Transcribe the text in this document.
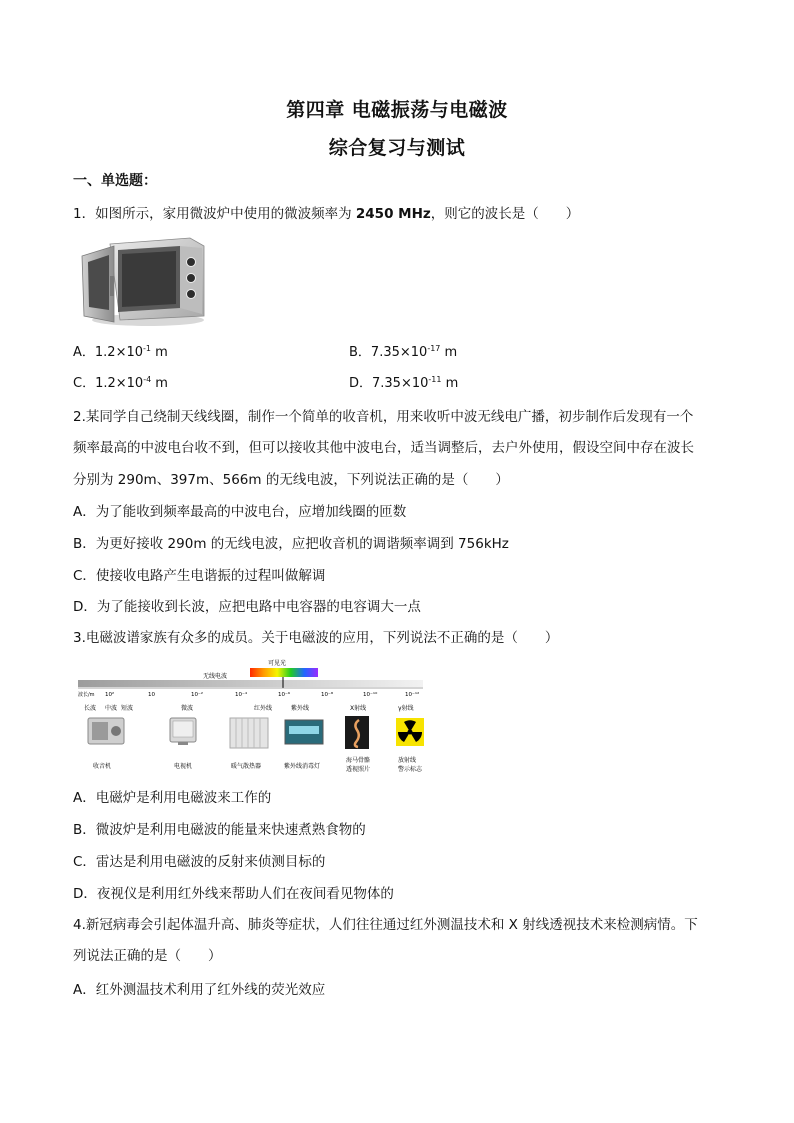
第四章 电磁振荡与电磁波
综合复习与测试
一、单选题：
1．如图所示，家用微波炉中使用的微波频率为 2450 MHz，则它的波长是（　　）
A．$1.2\times 10^{-1}$ m	B．$7.35\times 10^{-17}$ m
C．$1.2\times 10^{-4}$ m	D．$7.35\times 10^{-11}$ m
2.某同学自己绕制天线线圈，制作一个简单的收音机，用来收听中波无线电广播，初步制作后发现有一个
频率最高的中波电台收不到，但可以接收其他中波电台，适当调整后，去户外使用，假设空间中存在波长
分别为 290m、397m、566m 的无线电波，下列说法正确的是（　　）
A．为了能收到频率最高的中波电台，应增加线圈的匝数
B．为更好接收 290m 的无线电波，应把收音机的调谐频率调到 756kHz
C．使接收电路产生电谐振的过程叫做解调
D．为了能接收到长波，应把电路中电容器的电容调大一点
3.电磁波谱家族有众多的成员。关于电磁波的应用，下列说法不正确的是（　　）
可见光
无线电波
波长/m 10²	10	10⁻²	10⁻⁴	10⁻⁶	10⁻⁸	10⁻¹⁰	10⁻¹²
长波 中波 短波	微波	红外线	紫外线	X射线	γ射线
收音机	电视机	暖气散热器	紫外线消毒灯
海马骨骼
透视照片
放射线
警示标志
A．电磁炉是利用电磁波来工作的
B．微波炉是利用电磁波的能量来快速煮熟食物的
C．雷达是利用电磁波的反射来侦测目标的
D．夜视仪是利用红外线来帮助人们在夜间看见物体的
4.新冠病毒会引起体温升高、肺炎等症状，人们往往通过红外测温技术和 X 射线透视技术来检测病情。下
列说法正确的是（　　）
A．红外测温技术利用了红外线的荧光效应
